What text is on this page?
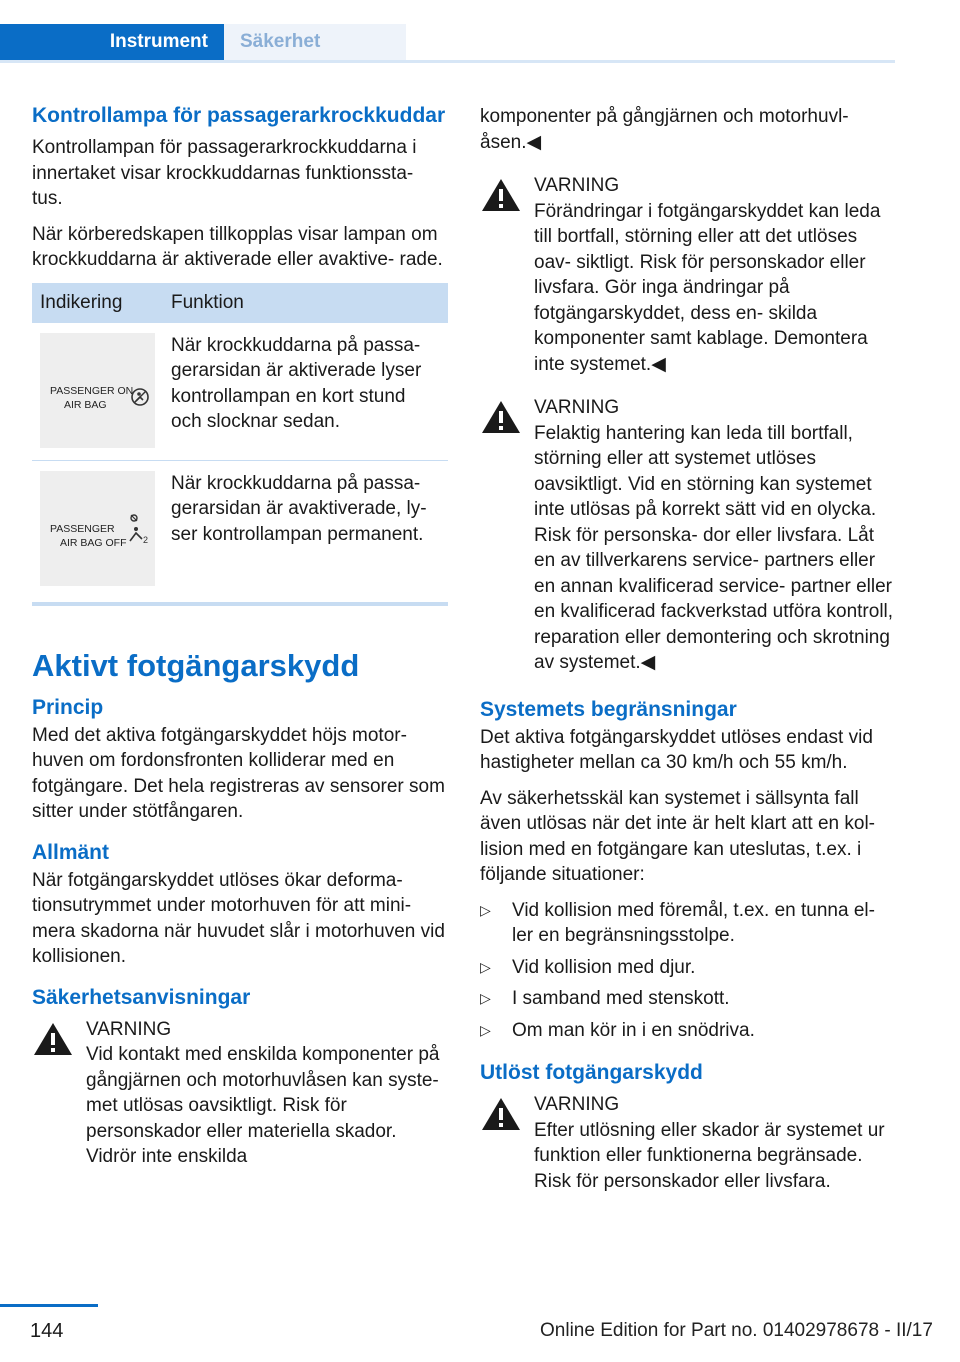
Instrument	Säkerhet
Kontrollampa för passagerarkrockkuddar

Kontrollampan för passagerarkrockkuddarna i innertaket visar krockkuddarnas funktionssta- tus.

När körberedskapen tillkopplas visar lampan om krockkuddarna är aktiverade eller avaktive- rade.

Indikering	Funktion

PASSENGER ON
AIR BAG	När krockkuddarna på passa- gerarsidan är aktiverade lyser kontrollampan en kort stund och slocknar sedan.

PASSENGER
AIR BAG OFF 2	När krockkuddarna på passa- gerarsidan är avaktiverade, ly- ser kontrollampan permanent.
Aktivt fotgängarskydd
Princip

Med det aktiva fotgängarskyddet höjs motor- huven om fordonsfronten kolliderar med en fotgängare. Det hela registreras av sensorer som sitter under stötfångaren.

Allmänt

När fotgängarskyddet utlöses ökar deforma- tionsutrymmet under motorhuven för att mini- mera skadorna när huvudet slår i motorhuven vid kollisionen.

Säkerhetsanvisningar
VARNING

Vid kontakt med enskilda komponenter på gångjärnen och motorhuvlåsen kan syste- met utlösas oavsiktligt. Risk för personskador eller materiella skador. Vidrör inte enskilda

komponenter på gångjärnen och motorhuvl- åsen.◀

VARNING

Förändringar i fotgängarskyddet kan leda till bortfall, störning eller att det utlöses oav- siktligt. Risk för personskador eller livsfara. Gör inga ändringar på fotgängarskyddet, dess en- skilda komponenter samt kablage. Demontera inte systemet.◀

VARNING

Felaktig hantering kan leda till bortfall, störning eller att systemet utlöses oavsiktligt. Vid en störning kan systemet inte utlösas på korrekt sätt vid en olycka. Risk för personska- dor eller livsfara. Låt en av tillverkarens service- partners eller en annan kvalificerad service- partner eller en kvalificerad fackverkstad utföra kontroll, reparation eller demontering och skrotning av systemet.◀

Systemets begränsningar

Det aktiva fotgängarskyddet utlöses endast vid hastigheter mellan ca 30 km/h och 55 km/h.

Av säkerhetsskäl kan systemet i sällsynta fall även utlösas när det inte är helt klart att en kol- lision med en fotgängare kan uteslutas, t.ex. i följande situationer:

▷ Vid kollision med föremål, t.ex. en tunna el- ler en begränsningsstolpe.
▷ Vid kollision med djur.
▷ I samband med stenskott.
▷ Om man kör in i en snödriva.
Utlöst fotgängarskydd
VARNING

Efter utlösning eller skador är systemet ur funktion eller funktionerna begränsade. Risk för personskador eller livsfara.

144	Online Edition for Part no. 01402978678 - II/17
